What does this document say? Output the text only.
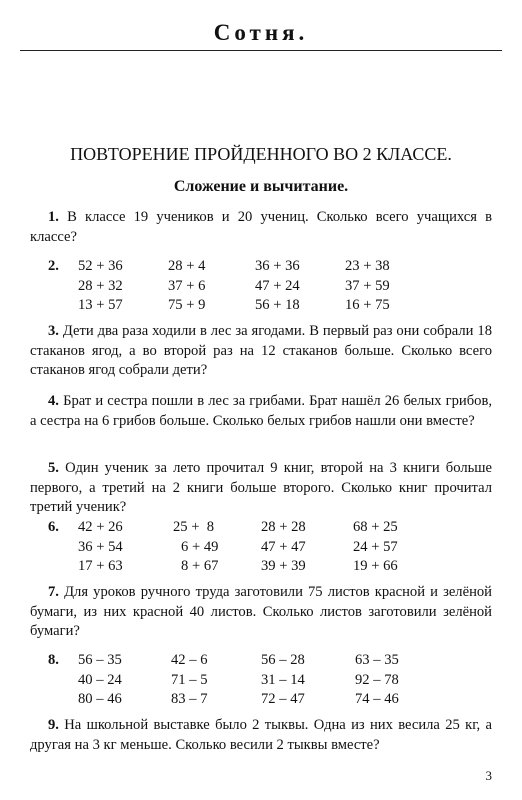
Сотня.
ПОВТОРЕНИЕ ПРОЙДЕННОГО ВО 2 КЛАССЕ.
Сложение и вычитание.
1. В классе 19 учеников и 20 учениц. Сколько всего учащихся в классе?
2. 52 + 36	28 + 4	36 + 36	23 + 38
28 + 32	37 + 6	47 + 24	37 + 59
13 + 57	75 + 9	56 + 18	16 + 75
3. Дети два раза ходили в лес за ягодами. В первый раз они собрали 18 стаканов ягод, а во второй раз на 12 стаканов больше. Сколько всего стаканов ягод собрали дети?
4. Брат и сестра пошли в лес за грибами. Брат нашёл 26 белых грибов, а сестра на 6 грибов больше. Сколько белых грибов нашли они вместе?
5. Один ученик за лето прочитал 9 книг, второй на 3 книги больше первого, а третий на 2 книги больше второго. Сколько книг прочитал третий ученик?
6. 42 + 26	25 +  8	28 + 28	68 + 25
36 + 54	6 + 49	47 + 47	24 + 57
17 + 63	8 + 67	39 + 39	19 + 66
7. Для уроков ручного труда заготовили 75 листов красной и зелёной бумаги, из них красной 40 листов. Сколько листов заготовили зелёной бумаги?
8. 56 – 35	42 – 6	56 – 28	63 – 35
40 – 24	71 – 5	31 – 14	92 – 78
80 – 46	83 – 7	72 – 47	74 – 46
9. На школьной выставке было 2 тыквы. Одна из них весила 25 кг, а другая на 3 кг меньше. Сколько весили 2 тыквы вместе?
3
